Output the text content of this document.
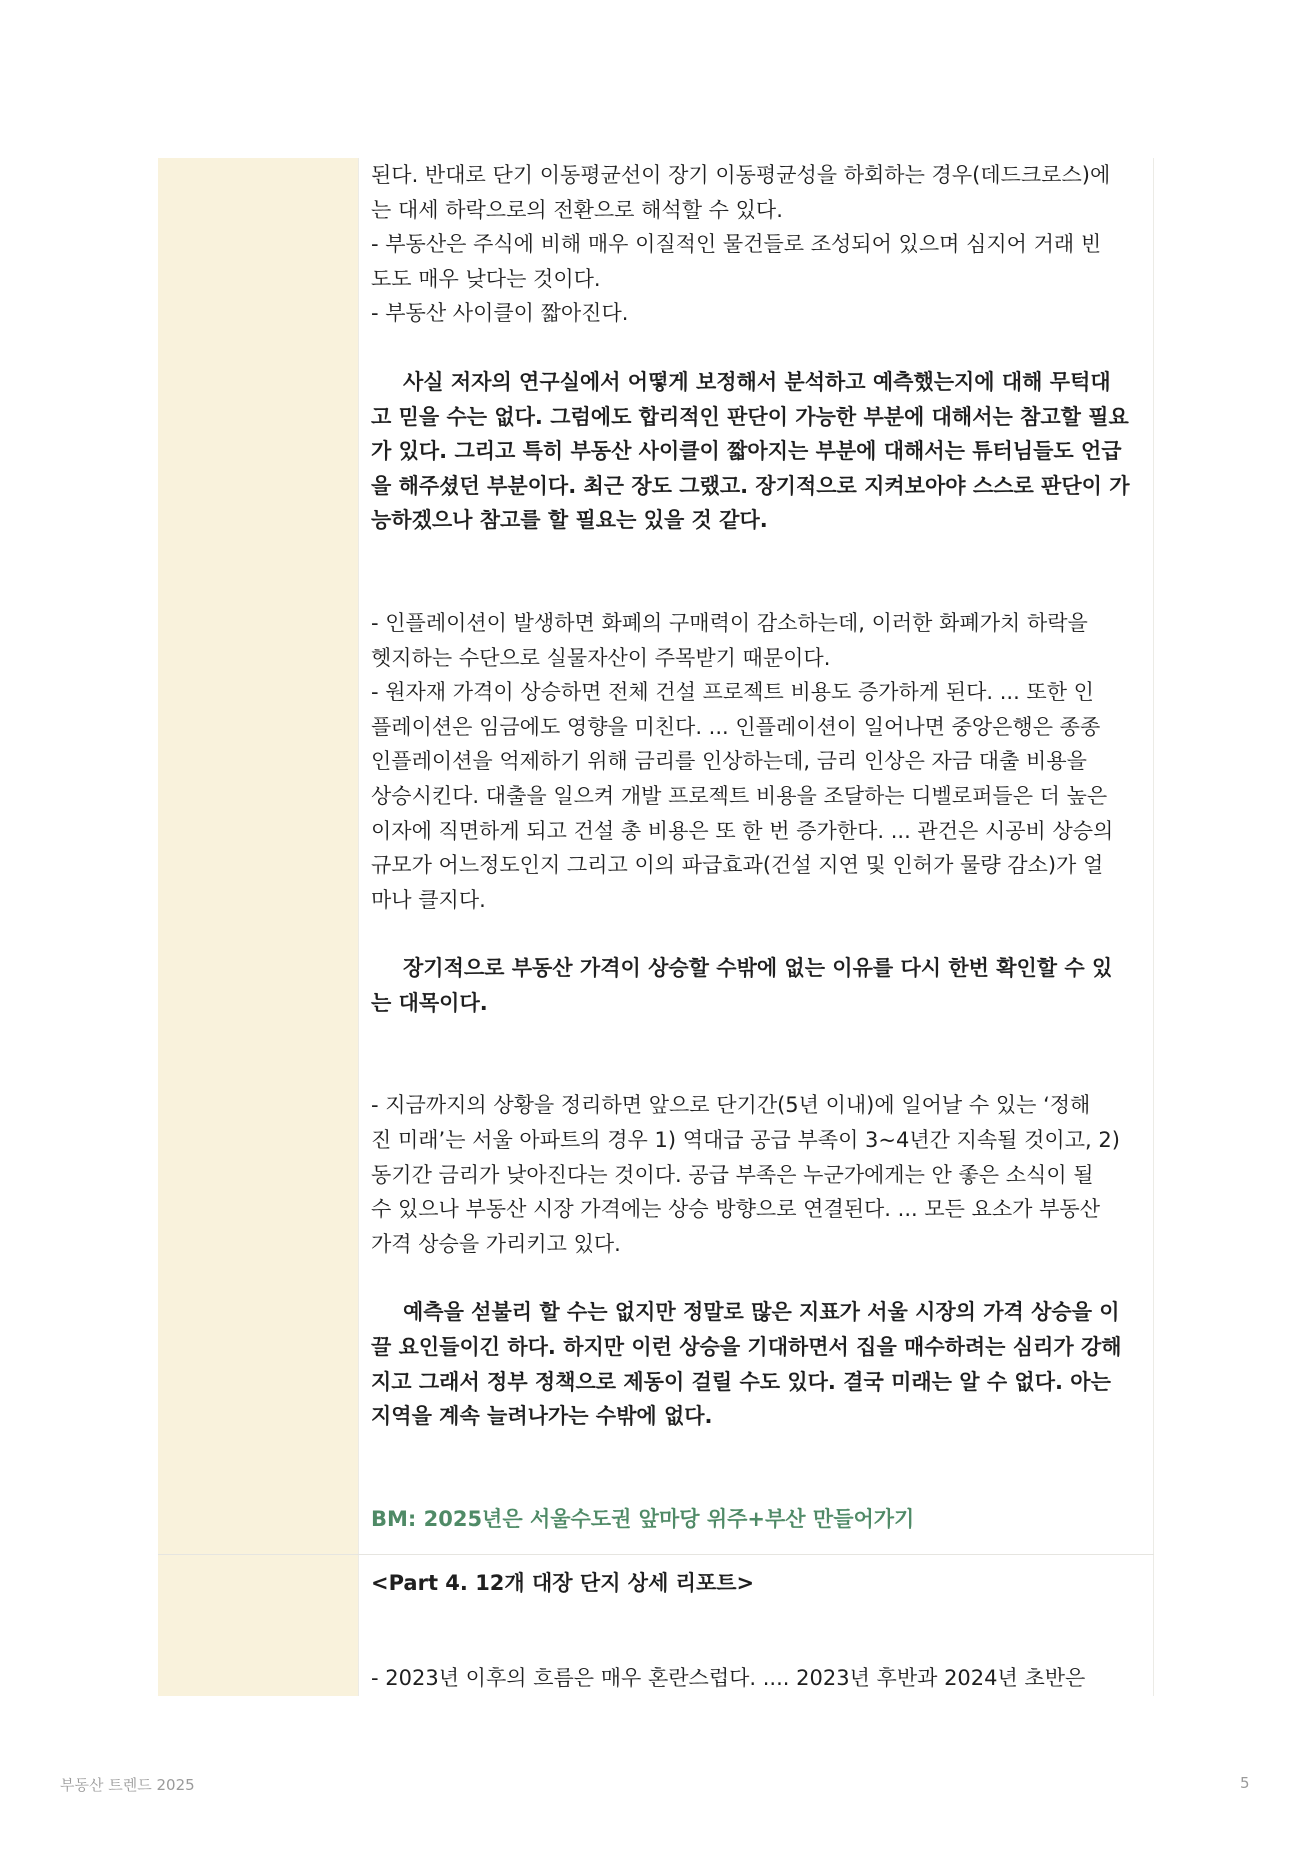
된다. 반대로 단기 이동평균선이 장기 이동평균성을 하회하는 경우(데드크로스)에
는 대세 하락으로의 전환으로 해석할 수 있다.
- 부동산은 주식에 비해 매우 이질적인 물건들로 조성되어 있으며 심지어 거래 빈
도도 매우 낮다는 것이다.
- 부동산 사이클이 짧아진다.

사실 저자의 연구실에서 어떻게 보정해서 분석하고 예측했는지에 대해 무턱대
고 믿을 수는 없다. 그럼에도 합리적인 판단이 가능한 부분에 대해서는 참고할 필요
가 있다. 그리고 특히 부동산 사이클이 짧아지는 부분에 대해서는 튜터님들도 언급
을 해주셨던 부분이다. 최근 장도 그랬고. 장기적으로 지켜보아야 스스로 판단이 가
능하겠으나 참고를 할 필요는 있을 것 같다.

- 인플레이션이 발생하면 화폐의 구매력이 감소하는데, 이러한 화폐가치 하락을
헷지하는 수단으로 실물자산이 주목받기 때문이다.
- 원자재 가격이 상승하면 전체 건설 프로젝트 비용도 증가하게 된다. ... 또한 인
플레이션은 임금에도 영향을 미친다. ... 인플레이션이 일어나면 중앙은행은 종종
인플레이션을 억제하기 위해 금리를 인상하는데, 금리 인상은 자금 대출 비용을
상승시킨다. 대출을 일으켜 개발 프로젝트 비용을 조달하는 디벨로퍼들은 더 높은
이자에 직면하게 되고 건설 총 비용은 또 한 번 증가한다. ... 관건은 시공비 상승의
규모가 어느정도인지 그리고 이의 파급효과(건설 지연 및 인허가 물량 감소)가 얼
마나 클지다.

장기적으로 부동산 가격이 상승할 수밖에 없는 이유를 다시 한번 확인할 수 있
는 대목이다.

- 지금까지의 상황을 정리하면 앞으로 단기간(5년 이내)에 일어날 수 있는 ‘정해
진 미래’는 서울 아파트의 경우 1) 역대급 공급 부족이 3~4년간 지속될 것이고, 2)
동기간 금리가 낮아진다는 것이다. 공급 부족은 누군가에게는 안 좋은 소식이 될
수 있으나 부동산 시장 가격에는 상승 방향으로 연결된다. ... 모든 요소가 부동산
가격 상승을 가리키고 있다.

예측을 섣불리 할 수는 없지만 정말로 많은 지표가 서울 시장의 가격 상승을 이
끌 요인들이긴 하다. 하지만 이런 상승을 기대하면서 집을 매수하려는 심리가 강해
지고 그래서 정부 정책으로 제동이 걸릴 수도 있다. 결국 미래는 알 수 없다. 아는
지역을 계속 늘려나가는 수밖에 없다.

BM: 2025년은 서울수도권 앞마당 위주+부산 만들어가기

<Part 4. 12개 대장 단지 상세 리포트>

- 2023년 이후의 흐름은 매우 혼란스럽다. .... 2023년 후반과 2024년 초반은

부동산 트렌드 2025	5
